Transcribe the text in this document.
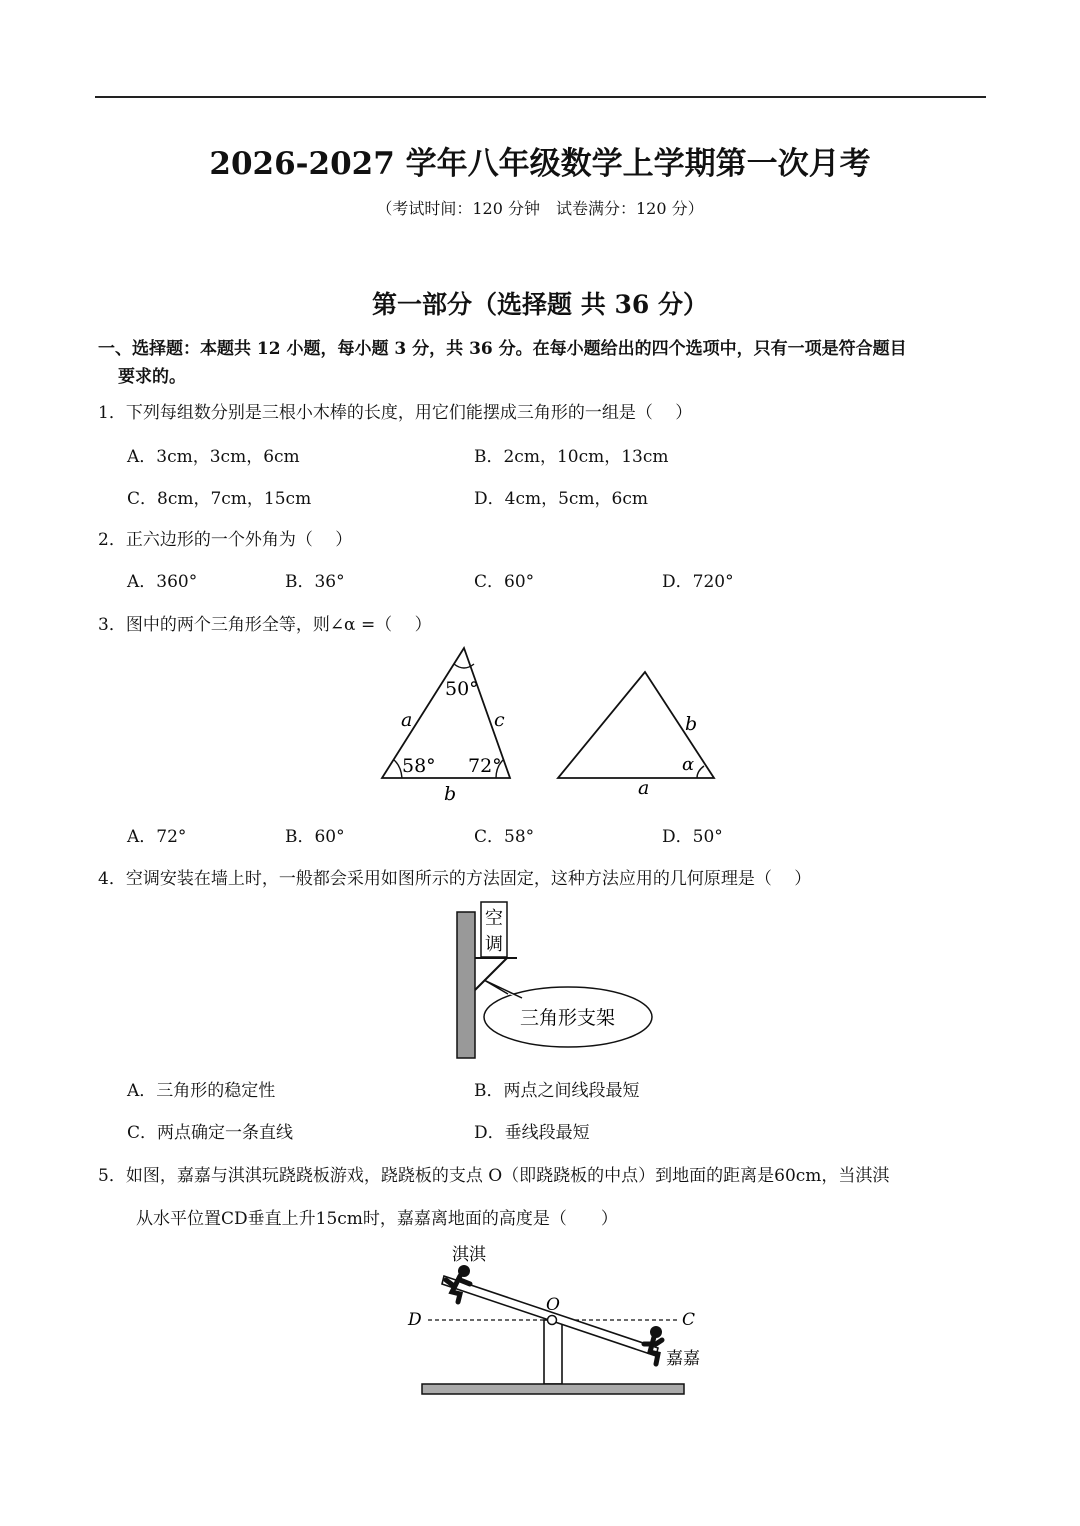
2026-2027 学年八年级数学上学期第一次月考
（考试时间：120 分钟　试卷满分：120 分）
第一部分（选择题 共 36 分）
一、选择题：本题共 12 小题，每小题 3 分，共 36 分。在每小题给出的四个选项中，只有一项是符合题目
要求的。
1．下列每组数分别是三根小木棒的长度，用它们能摆成三角形的一组是（　 ）
A．3cm，3cm，6cm	B．2cm，10cm，13cm
C．8cm，7cm，15cm	D．4cm，5cm，6cm
2．正六边形的一个外角为（　 ）
A．360°	B．36°	C．60°	D．720°
3．图中的两个三角形全等，则∠α =（　 ）
50°
58° 72°
a	c
b
b
α
a
A．72°	B．60°	C．58°	D．50°
4．空调安装在墙上时，一般都会采用如图所示的方法固定，这种方法应用的几何原理是（　 ）
空
调
三角形支架
A．三角形的稳定性	B．两点之间线段最短
C．两点确定一条直线	D．垂线段最短
5．如图，嘉嘉与淇淇玩跷跷板游戏，跷跷板的支点 O（即跷跷板的中点）到地面的距离是60cm，当淇淇
从水平位置CD垂直上升15cm时，嘉嘉离地面的高度是（　　）
淇淇
嘉嘉
O
D	C
